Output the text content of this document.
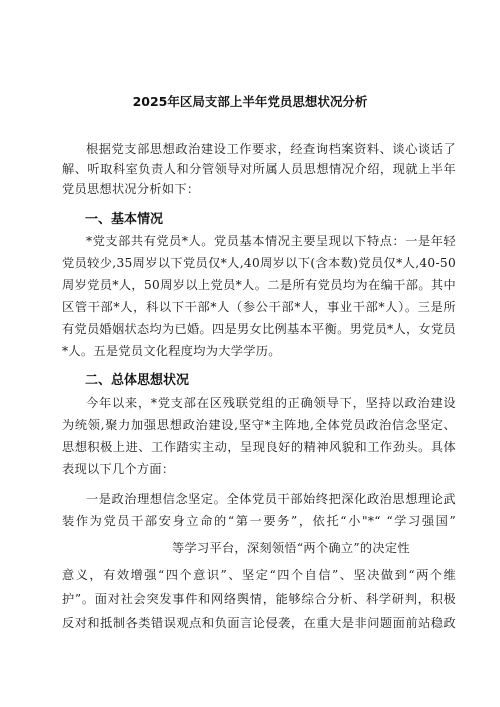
2025年区局支部上半年党员思想状况分析
根据党支部思想政治建设工作要求，经查询档案资料、谈心谈话了
解、听取科室负责人和分管领导对所属人员思想情况介绍，现就上半年
党员思想状况分析如下：
一、基本情况
*党支部共有党员*人。党员基本情况主要呈现以下特点：一是年轻
党员较少,35周岁以下党员仅*人,40周岁以下(含本数)党员仅*人,40-50
周岁党员*人，50周岁以上党员*人。二是所有党员均为在编干部。其中
区管干部*人，科以下干部*人（参公干部*人，事业干部*人）。三是所
有党员婚姻状态均为已婚。四是男女比例基本平衡。男党员*人，女党员
*人。五是党员文化程度均为大学学历。
二、总体思想状况
今年以来，*党支部在区残联党组的正确领导下，坚持以政治建设
为统领,聚力加强思想政治建设,坚守*主阵地,全体党员政治信念坚定、
思想积极上进、工作踏实主动，呈现良好的精神风貌和工作劲头。具体
表现以下几个方面：
一是政治理想信念坚定。全体党员干部始终把深化政治思想理论武
装作为党员干部安身立命的“第一要务”，依托“小"*“ “学习强国”
等学习平台，深刻领悟“两个确立”的决定性
意义，有效增强“四个意识”、坚定“四个自信”、坚决做到“两个维
护”。面对社会突发事件和网络舆情，能够综合分析、科学研判，积极
反对和抵制各类错误观点和负面言论侵袭，在重大是非问题面前站稳政
